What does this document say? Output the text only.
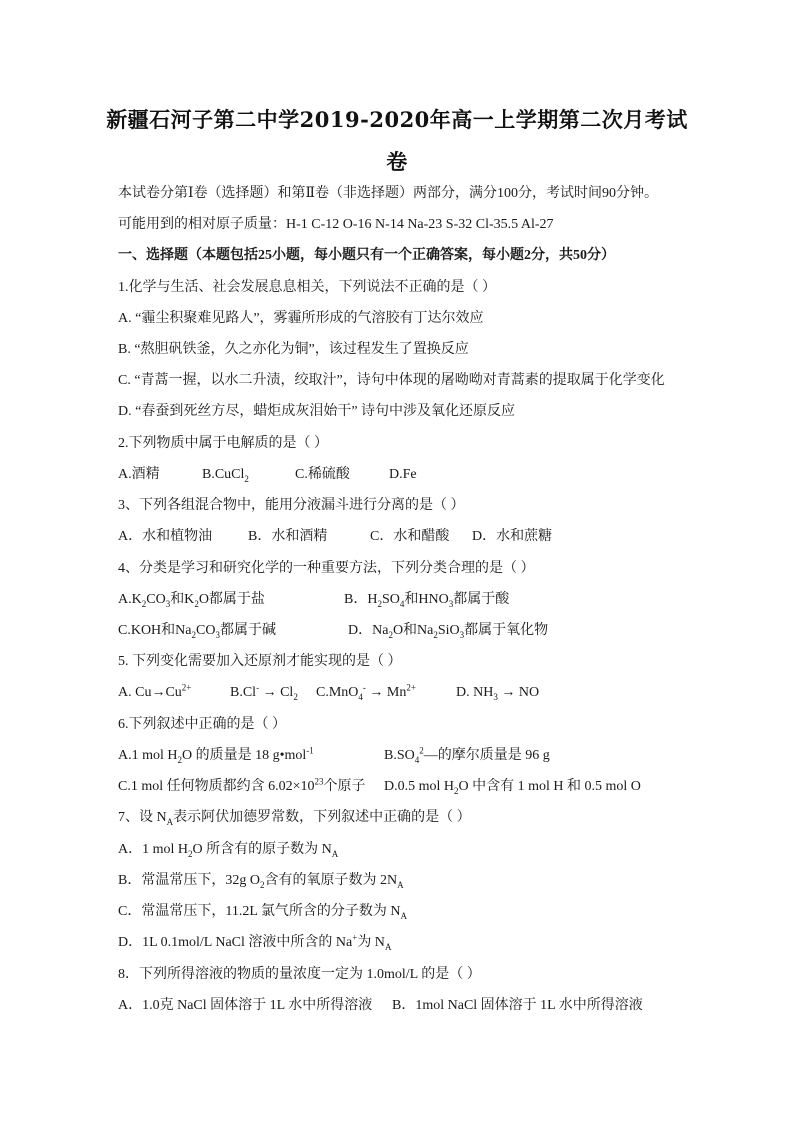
新疆石河子第二中学2019-2020年高一上学期第二次月考试
卷
本试卷分第Ⅰ卷（选择题）和第Ⅱ卷（非选择题）两部分，满分100分，考试时间90分钟。
可能用到的相对原子质量：H-1 C-12 O-16 N-14 Na-23 S-32 Cl-35.5 Al-27
一、选择题（本题包括25小题，每小题只有一个正确答案，每小题2分，共50分）
1.化学与生活、社会发展息息相关，下列说法不正确的是（ ）
A. “霾尘积聚难见路人”，雾霾所形成的气溶胶有丁达尔效应
B. “熬胆矾铁釜，久之亦化为铜”，该过程发生了置换反应
C. “青蒿一握，以水二升渍，绞取汁”，诗句中体现的屠呦呦对青蒿素的提取属于化学变化
D. “春蚕到死丝方尽，蜡炬成灰泪始干” 诗句中涉及氧化还原反应
2.下列物质中属于电解质的是（ ）
A.酒精	B.CuCl$_2$	C.稀硫酸	D.Fe
3、下列各组混合物中，能用分液漏斗进行分离的是（ ）
A．水和植物油	B．水和酒精	C．水和醋酸 D．水和蔗糖
4、分类是学习和研究化学的一种重要方法，下列分类合理的是（ ）
$A.K_2CO_3$和$K_2O$都属于盐	B．$H_2SO_4$和$HNO_3$都属于酸
C.KOH和$Na_2CO_3$都属于碱	D．$Na_2O$和$Na_2SiO_3$都属于氧化物
5. 下列变化需要加入还原剂才能实现的是（ ）
A. $Cu\to Cu^{2+}$	$B.Cl^- \to Cl_2$ $C.MnO_4^- \to Mn^{2+}$	D. $NH_3$ → NO
6.下列叙述中正确的是（ ）
A.1 mol $H_2O$ 的质量是 18 g•mol$^{-1}$	$B.SO_4^2—$的摩尔质量是 96 g
C.1 mol 任何物质都约含 $6.02\times 10^{23}$个原子 D.0.5 mol $H_2O$ 中含有 1 mol H 和 0.5 mol O
7、设 $N_A$表示阿伏加德罗常数，下列叙述中正确的是（ ）
A．1 mol $H_2O$ 所含有的原子数为 $N_A$
B．常温常压下，32g $O_2$含有的氧原子数为 $2N_A$
C．常温常压下，11.2L 氯气所含的分子数为 $N_A$
D．1L 0.1mol/L NaCl 溶液中所含的 Na+为 $N_A$
8．下列所得溶液的物质的量浓度一定为 1.0mol/L 的是（ ）
A．1.0克 NaCl 固体溶于 1L 水中所得溶液 B．1mol NaCl 固体溶于 1L 水中所得溶液
